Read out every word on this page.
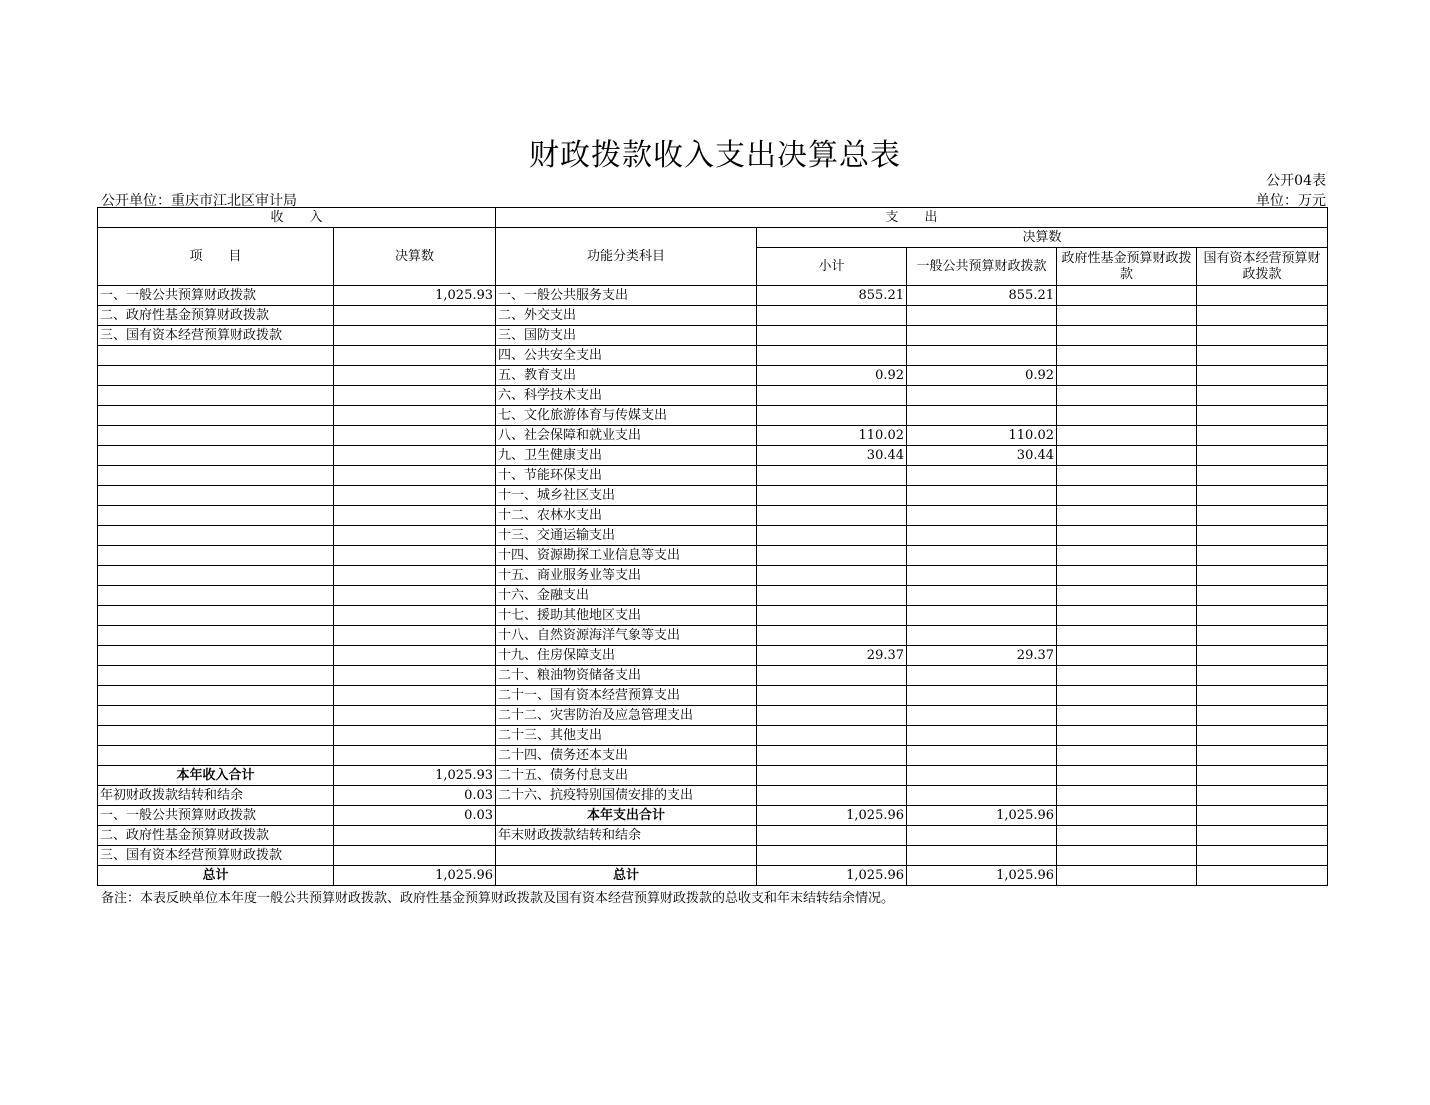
财政拨款收入支出决算总表
公开04表
公开单位：重庆市江北区审计局	单位：万元
收　　入		支　　出				
项　　目	决算数	功能分类科目	决算数			
			小计	一般公共预算财政拨款	政府性基金预算财政拨款	国有资本经营预算财政拨款
一、一般公共预算财政拨款	1,025.93	一、一般公共服务支出	855.21	855.21		
二、政府性基金预算财政拨款		二、外交支出				
三、国有资本经营预算财政拨款		三、国防支出				
		四、公共安全支出				
		五、教育支出	0.92	0.92		
		六、科学技术支出				
		七、文化旅游体育与传媒支出				
		八、社会保障和就业支出	110.02	110.02		
		九、卫生健康支出	30.44	30.44		
		十、节能环保支出				
		十一、城乡社区支出				
		十二、农林水支出				
		十三、交通运输支出				
		十四、资源勘探工业信息等支出				
		十五、商业服务业等支出				
		十六、金融支出				
		十七、援助其他地区支出				
		十八、自然资源海洋气象等支出				
		十九、住房保障支出	29.37	29.37		
		二十、粮油物资储备支出				
		二十一、国有资本经营预算支出				
		二十二、灾害防治及应急管理支出				
		二十三、其他支出				
		二十四、债务还本支出				
本年收入合计	1,025.93	二十五、债务付息支出				
年初财政拨款结转和结余	0.03	二十六、抗疫特别国债安排的支出				
一、一般公共预算财政拨款	0.03	本年支出合计	1,025.96	1,025.96		
二、政府性基金预算财政拨款		年末财政拨款结转和结余				
三、国有资本经营预算财政拨款						
总计	1,025.96	总计	1,025.96	1,025.96		
备注：本表反映单位本年度一般公共预算财政拨款、政府性基金预算财政拨款及国有资本经营预算财政拨款的总收支和年末结转结余情况。
